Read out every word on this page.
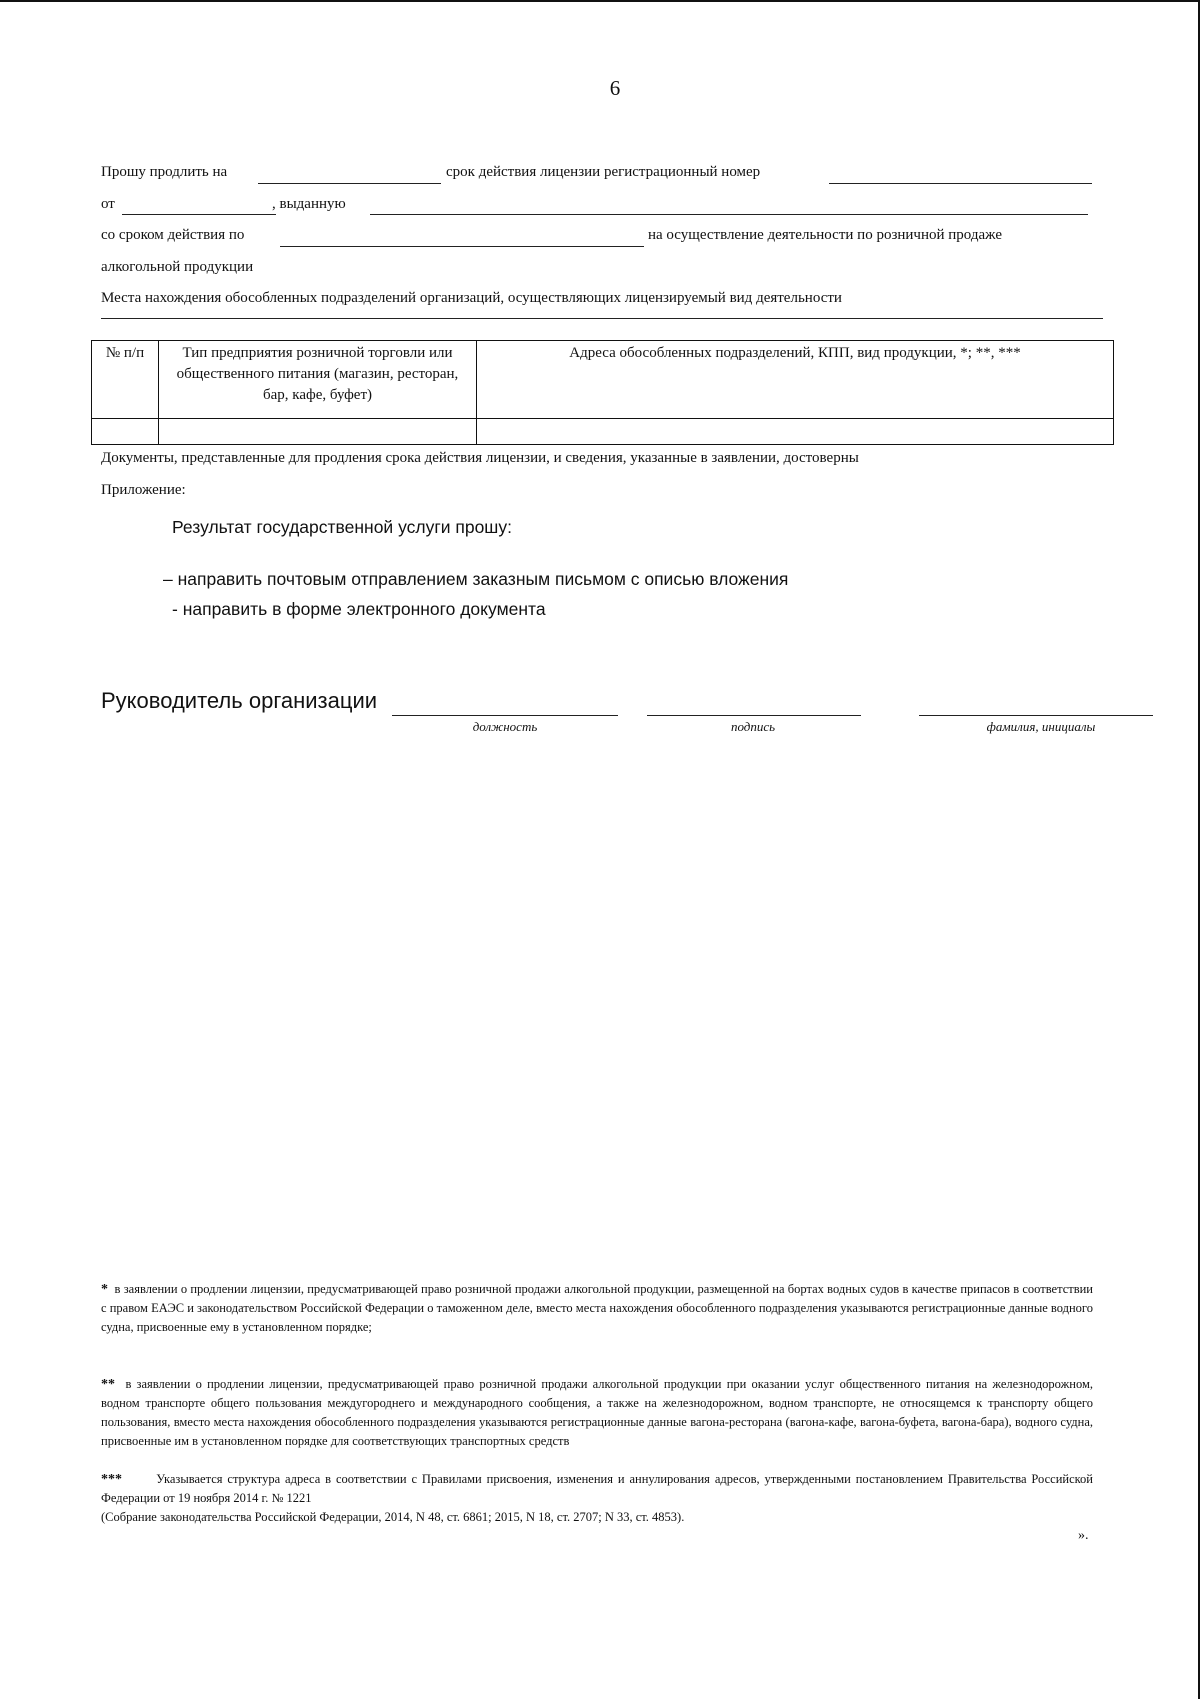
6
Прошу продлить на	срок действия лицензии регистрационный номер
от	, выданную
со сроком действия по	на осуществление деятельности по розничной продаже
алкогольной продукции
Места нахождения обособленных подразделений организаций, осуществляющих лицензируемый вид деятельности
№ п/п	Тип предприятия розничной торговли или общественного питания (магазин, ресторан, бар, кафе, буфет)	Адреса обособленных подразделений, КПП, вид продукции, *; **, ***

Документы, представленные для продления срока действия лицензии, и сведения, указанные в заявлении, достоверны
Приложение:
Результат государственной услуги прошу:
– направить почтовым отправлением заказным письмом с описью вложения
- направить в форме электронного документа
Руководитель организации
должность	подпись	фамилия, инициалы
* в заявлении о продлении лицензии, предусматривающей право розничной продажи алкогольной продукции, размещенной на бортах водных судов в качестве припасов в соответствии с правом ЕАЭС и законодательством Российской Федерации о таможенном деле, вместо места нахождения обособленного подразделения указываются регистрационные данные водного судна, присвоенные ему в установленном порядке;
** в заявлении о продлении лицензии, предусматривающей право розничной продажи алкогольной продукции при оказании услуг общественного питания на железнодорожном, водном транспорте общего пользования междугороднего и международного сообщения, а также на железнодорожном, водном транспорте, не относящемся к транспорту общего пользования, вместо места нахождения обособленного подразделения указываются регистрационные данные вагона-ресторана (вагона-кафе, вагона-буфета, вагона-бара), водного судна, присвоенные им в установленном порядке для соответствующих транспортных средств
***	Указывается структура адреса в соответствии с Правилами присвоения, изменения и аннулирования адресов, утвержденными постановлением Правительства Российской Федерации от 19 ноября 2014 г. № 1221
(Собрание законодательства Российской Федерации, 2014, N 48, ст. 6861; 2015, N 18, ст. 2707; N 33, ст. 4853).
».
